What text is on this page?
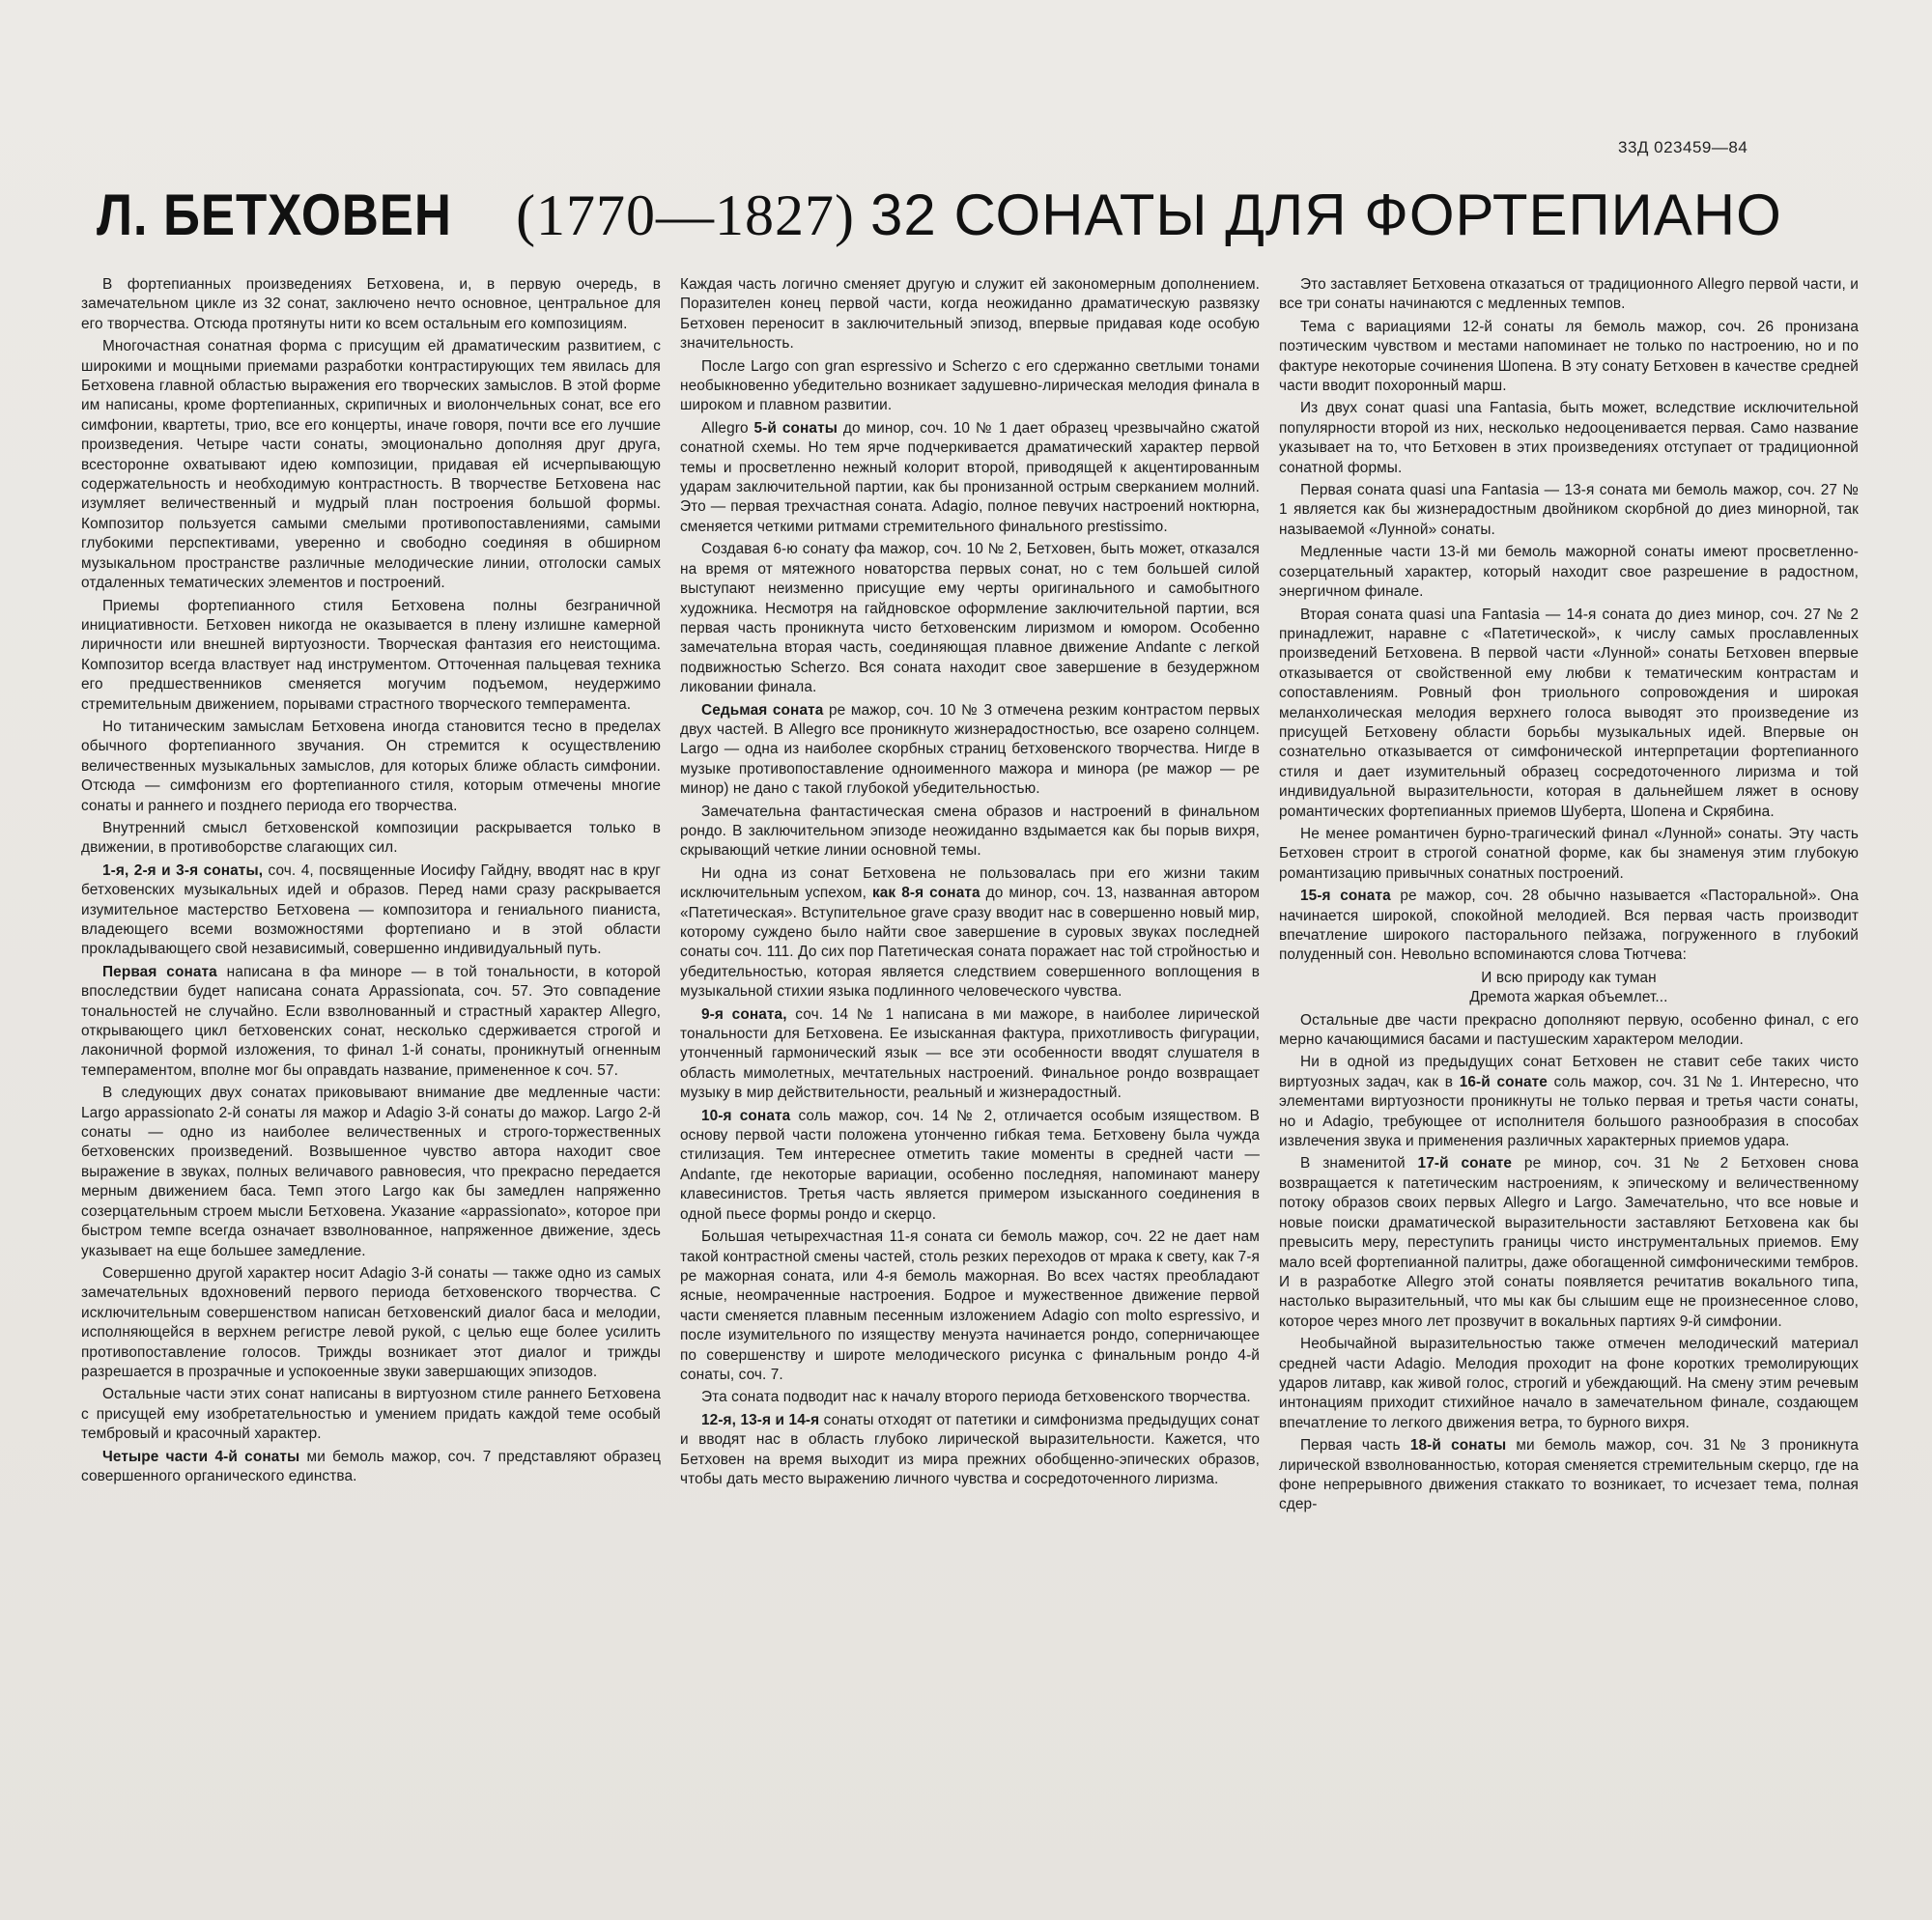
33Д 023459—84
Л. БЕТХОВЕН (1770—1827) 32 СОНАТЫ ДЛЯ ФОРТЕПИАНО

В фортепианных произведениях Бетховена, и, в первую очередь, в замечательном цикле из 32 сонат, заключено нечто основное, центральное для его творчества. Отсюда протянуты нити ко всем остальным его композициям.

Многочастная сонатная форма с присущим ей драматическим развитием, с широкими и мощными приемами разработки контрастирующих тем явилась для Бетховена главной областью выражения его творческих замыслов. В этой форме им написаны, кроме фортепианных, скрипичных и виолончельных сонат, все его симфонии, квартеты, трио, все его концерты, иначе говоря, почти все его лучшие произведения. Четыре части сонаты, эмоционально дополняя друг друга, всесторонне охватывают идею композиции, придавая ей исчерпывающую содержательность и необходимую контрастность. В творчестве Бетховена нас изумляет величественный и мудрый план построения большой формы. Композитор пользуется самыми смелыми противопоставлениями, самыми глубокими перспективами, уверенно и свободно соединяя в обширном музыкальном пространстве различные мелодические линии, отголоски самых отдаленных тематических элементов и построений.

Приемы фортепианного стиля Бетховена полны безграничной инициативности. Бетховен никогда не оказывается в плену излишне камерной лиричности или внешней виртуозности. Творческая фантазия его неистощима. Композитор всегда властвует над инструментом. Отточенная пальцевая техника его предшественников сменяется могучим подъемом, неудержимо стремительным движением, порывами страстного творческого темперамента.

Но титаническим замыслам Бетховена иногда становится тесно в пределах обычного фортепианного звучания. Он стремится к осуществлению величественных музыкальных замыслов, для которых ближе область симфонии. Отсюда — симфонизм его фортепианного стиля, которым отмечены многие сонаты и раннего и позднего периода его творчества.

Внутренний смысл бетховенской композиции раскрывается только в движении, в противоборстве слагающих сил.

1-я, 2-я и 3-я сонаты, соч. 4, посвященные Иосифу Гайдну, вводят нас в круг бетховенских музыкальных идей и образов. Перед нами сразу раскрывается изумительное мастерство Бетховена — композитора и гениального пианиста, владеющего всеми возможностями фортепиано и в этой области прокладывающего свой независимый, совершенно индивидуальный путь.

Первая соната написана в фа миноре — в той тональности, в которой впоследствии будет написана соната Appassionata, соч. 57. Это совпадение тональностей не случайно. Если взволнованный и страстный характер Allegro, открывающего цикл бетховенских сонат, несколько сдерживается строгой и лаконичной формой изложения, то финал 1-й сонаты, проникнутый огненным темпераментом, вполне мог бы оправдать название, примененное к соч. 57.

В следующих двух сонатах приковывают внимание две медленные части: Largo appassionato 2-й сонаты ля мажор и Adagio 3-й сонаты до мажор. Largo 2-й сонаты — одно из наиболее величественных и строго-торжественных бетховенских произведений. Возвышенное чувство автора находит свое выражение в звуках, полных величавого равновесия, что прекрасно передается мерным движением баса. Темп этого Largo как бы замедлен напряженно созерцательным строем мысли Бетховена. Указание «appassionato», которое при быстром темпе всегда означает взволнованное, напряженное движение, здесь указывает на еще большее замедление.

Совершенно другой характер носит Adagio 3-й сонаты — также одно из самых замечательных вдохновений первого периода бетховенского творчества. С исключительным совершенством написан бетховенский диалог баса и мелодии, исполняющейся в верхнем регистре левой рукой, с целью еще более усилить противопоставление голосов. Трижды возникает этот диалог и трижды разрешается в прозрачные и успокоенные звуки завершающих эпизодов.

Остальные части этих сонат написаны в виртуозном стиле раннего Бетховена с присущей ему изобретательностью и умением придать каждой теме особый тембровый и красочный характер.

Четыре части 4-й сонаты ми бемоль мажор, соч. 7 представляют образец совершенного органического единства.

Каждая часть логично сменяет другую и служит ей закономерным дополнением. Поразителен конец первой части, когда неожиданно драматическую развязку Бетховен переносит в заключительный эпизод, впервые придавая коде особую значительность.

После Largo con gran espressivo и Scherzo с его сдержанно светлыми тонами необыкновенно убедительно возникает задушевно-лирическая мелодия финала в широком и плавном развитии.

Allegro 5-й сонаты до минор, соч. 10 № 1 дает образец чрезвычайно сжатой сонатной схемы. Но тем ярче подчеркивается драматический характер первой темы и просветленно нежный колорит второй, приводящей к акцентированным ударам заключительной партии, как бы пронизанной острым сверканием молний. Это — первая трехчастная соната. Adagio, полное певучих настроений ноктюрна, сменяется четкими ритмами стремительного финального prestissimo.

Создавая 6-ю сонату фа мажор, соч. 10 № 2, Бетховен, быть может, отказался на время от мятежного новаторства первых сонат, но с тем большей силой выступают неизменно присущие ему черты оригинального и самобытного художника. Несмотря на гайдновское оформление заключительной партии, вся первая часть проникнута чисто бетховенским лиризмом и юмором. Особенно замечательна вторая часть, соединяющая плавное движение Andante с легкой подвижностью Scherzo. Вся соната находит свое завершение в безудержном ликовании финала.

Седьмая соната ре мажор, соч. 10 № 3 отмечена резким контрастом первых двух частей. В Allegro все проникнуто жизнерадостностью, все озарено солнцем. Largo — одна из наиболее скорбных страниц бетховенского творчества. Нигде в музыке противопоставление одноименного мажора и минора (ре мажор — ре минор) не дано с такой глубокой убедительностью.

Замечательна фантастическая смена образов и настроений в финальном рондо. В заключительном эпизоде неожиданно вздымается как бы порыв вихря, скрывающий четкие линии основной темы.

Ни одна из сонат Бетховена не пользовалась при его жизни таким исключительным успехом, как 8-я соната до минор, соч. 13, названная автором «Патетическая». Вступительное grave сразу вводит нас в совершенно новый мир, которому суждено было найти свое завершение в суровых звуках последней сонаты соч. 111. До сих пор Патетическая соната поражает нас той стройностью и убедительностью, которая является следствием совершенного воплощения в музыкальной стихии языка подлинного человеческого чувства.

9-я соната, соч. 14 № 1 написана в ми мажоре, в наиболее лирической тональности для Бетховена. Ее изысканная фактура, прихотливость фигурации, утонченный гармонический язык — все эти особенности вводят слушателя в область мимолетных, мечтательных настроений. Финальное рондо возвращает музыку в мир действительности, реальный и жизнерадостный.

10-я соната соль мажор, соч. 14 № 2, отличается особым изяществом. В основу первой части положена утонченно гибкая тема. Бетховену была чужда стилизация. Тем интереснее отметить такие моменты в средней части — Andante, где некоторые вариации, особенно последняя, напоминают манеру клавесинистов. Третья часть является примером изысканного соединения в одной пьесе формы рондо и скерцо.

Большая четырехчастная 11-я соната си бемоль мажор, соч. 22 не дает нам такой контрастной смены частей, столь резких переходов от мрака к свету, как 7-я ре мажорная соната, или 4-я бемоль мажорная. Во всех частях преобладают ясные, неомраченные настроения. Бодрое и мужественное движение первой части сменяется плавным песенным изложением Adagio con molto espressivo, и после изумительного по изяществу менуэта начинается рондо, соперничающее по совершенству и широте мелодического рисунка с финальным рондо 4-й сонаты, соч. 7.

Эта соната подводит нас к началу второго периода бетховенского творчества.

12-я, 13-я и 14-я сонаты отходят от патетики и симфонизма предыдущих сонат и вводят нас в область глубоко лирической выразительности. Кажется, что Бетховен на время выходит из мира прежних обобщенно-эпических образов, чтобы дать место выражению личного чувства и сосредоточенного лиризма.

Это заставляет Бетховена отказаться от традиционного Allegro первой части, и все три сонаты начинаются с медленных темпов.

Тема с вариациями 12-й сонаты ля бемоль мажор, соч. 26 пронизана поэтическим чувством и местами напоминает не только по настроению, но и по фактуре некоторые сочинения Шопена. В эту сонату Бетховен в качестве средней части вводит похоронный марш.

Из двух сонат quasi una Fantasia, быть может, вследствие исключительной популярности второй из них, несколько недооценивается первая. Само название указывает на то, что Бетховен в этих произведениях отступает от традиционной сонатной формы.

Первая соната quasi una Fantasia — 13-я соната ми бемоль мажор, соч. 27 № 1 является как бы жизнерадостным двойником скорбной до диез минорной, так называемой «Лунной» сонаты.

Медленные части 13-й ми бемоль мажорной сонаты имеют просветленно-созерцательный характер, который находит свое разрешение в радостном, энергичном финале.

Вторая соната quasi una Fantasia — 14-я соната до диез минор, соч. 27 № 2 принадлежит, наравне с «Патетической», к числу самых прославленных произведений Бетховена. В первой части «Лунной» сонаты Бетховен впервые отказывается от свойственной ему любви к тематическим контрастам и сопоставлениям. Ровный фон триольного сопровождения и широкая меланхолическая мелодия верхнего голоса выводят это произведение из присущей Бетховену области борьбы музыкальных идей. Впервые он сознательно отказывается от симфонической интерпретации фортепианного стиля и дает изумительный образец сосредоточенного лиризма и той индивидуальной выразительности, которая в дальнейшем ляжет в основу романтических фортепианных приемов Шуберта, Шопена и Скрябина.

Не менее романтичен бурно-трагический финал «Лунной» сонаты. Эту часть Бетховен строит в строгой сонатной форме, как бы знаменуя этим глубокую романтизацию привычных сонатных построений.

15-я соната ре мажор, соч. 28 обычно называется «Пасторальной». Она начинается широкой, спокойной мелодией. Вся первая часть производит впечатление широкого пасторального пейзажа, погруженного в глубокий полуденный сон. Невольно вспоминаются слова Тютчева:

И всю природу как туман

Дремота жаркая объемлет...

Остальные две части прекрасно дополняют первую, особенно финал, с его мерно качающимися басами и пастушеским характером мелодии.

Ни в одной из предыдущих сонат Бетховен не ставит себе таких чисто виртуозных задач, как в 16-й сонате соль мажор, соч. 31 № 1. Интересно, что элементами виртуозности проникнуты не только первая и третья части сонаты, но и Adagio, требующее от исполнителя большого разнообразия в способах извлечения звука и применения различных характерных приемов удара.

В знаменитой 17-й сонате ре минор, соч. 31 № 2 Бетховен снова возвращается к патетическим настроениям, к эпическому и величественному потоку образов своих первых Allegro и Largo. Замечательно, что все новые и новые поиски драматической выразительности заставляют Бетховена как бы превысить меру, переступить границы чисто инструментальных приемов. Ему мало всей фортепианной палитры, даже обогащенной симфоническими тембров. И в разработке Allegro этой сонаты появляется речитатив вокального типа, настолько выразительный, что мы как бы слышим еще не произнесенное слово, которое через много лет прозвучит в вокальных партиях 9-й симфонии.

Необычайной выразительностью также отмечен мелодический материал средней части Adagio. Мелодия проходит на фоне коротких тремолирующих ударов литавр, как живой голос, строгий и убеждающий. На смену этим речевым интонациям приходит стихийное начало в замечательном финале, создающем впечатление то легкого движения ветра, то бурного вихря.

Первая часть 18-й сонаты ми бемоль мажор, соч. 31 № 3 проникнута лирической взволнованностью, которая сменяется стремительным скерцо, где на фоне непрерывного движения стаккато то возникает, то исчезает тема, полная сдер-
